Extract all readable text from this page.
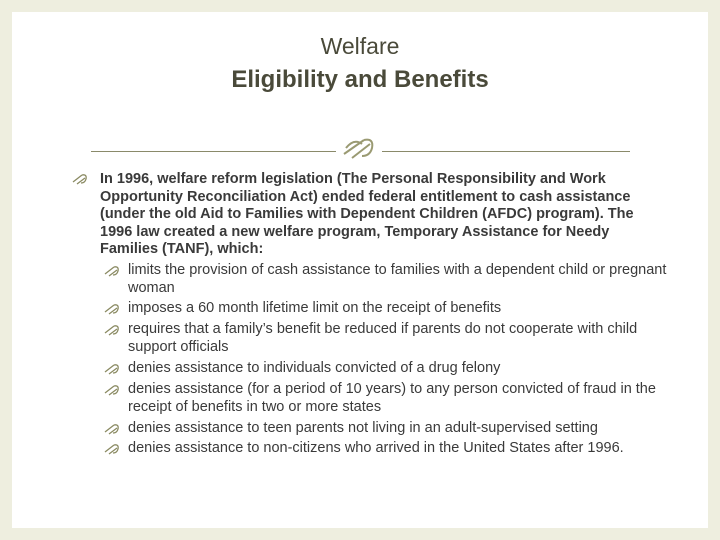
Welfare
Eligibility and Benefits
In 1996, welfare reform legislation (The Personal Responsibility and Work Opportunity Reconciliation Act) ended federal entitlement to cash assistance (under the old Aid to Families with Dependent Children (AFDC) program). The 1996 law created a new welfare program, Temporary Assistance for Needy Families (TANF), which:
limits the provision of cash assistance to families with a dependent child or pregnant woman
imposes a 60 month lifetime limit on the receipt of benefits
requires that a family’s benefit be reduced if parents do not cooperate with child support officials
denies assistance to individuals convicted of a drug felony
denies assistance (for a period of 10 years) to any person convicted of fraud in the receipt of benefits in two or more states
denies assistance to teen parents not living in an adult-supervised setting
denies assistance to non-citizens who arrived in the United States after 1996.
